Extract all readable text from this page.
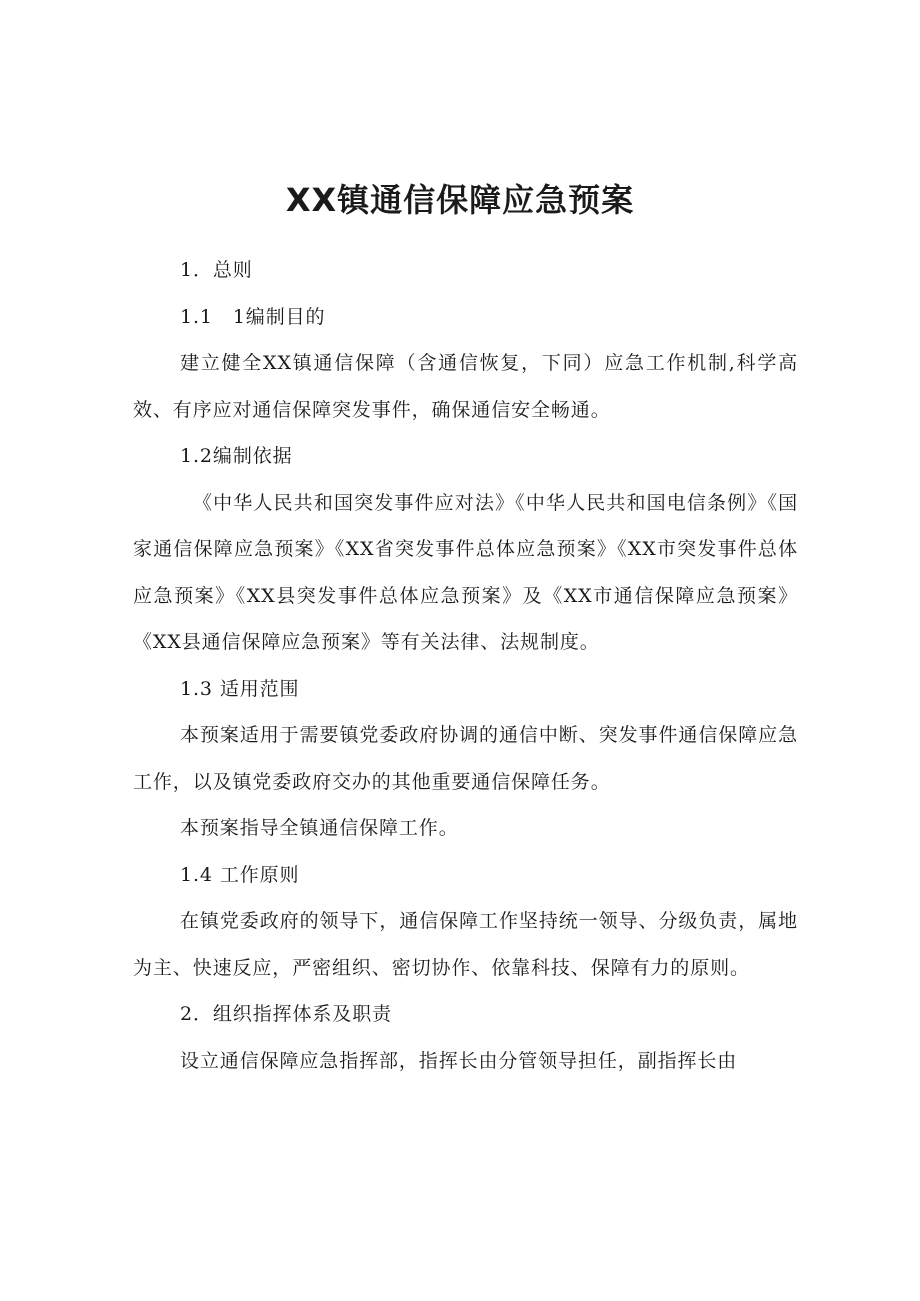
XX镇通信保障应急预案

1．总则

1.1　1编制目的

建立健全XX镇通信保障（含通信恢复，下同）应急工作机制,科学高效、有序应对通信保障突发事件，确保通信安全畅通。

1.2编制依据

《中华人民共和国突发事件应对法》《中华人民共和国电信条例》《国家通信保障应急预案》《XX省突发事件总体应急预案》《XX市突发事件总体应急预案》《XX县突发事件总体应急预案》及《XX市通信保障应急预案》《XX县通信保障应急预案》等有关法律、法规制度。

1.3 适用范围

本预案适用于需要镇党委政府协调的通信中断、突发事件通信保障应急工作，以及镇党委政府交办的其他重要通信保障任务。

本预案指导全镇通信保障工作。

1.4 工作原则

在镇党委政府的领导下，通信保障工作坚持统一领导、分级负责，属地为主、快速反应，严密组织、密切协作、依靠科技、保障有力的原则。

2．组织指挥体系及职责

设立通信保障应急指挥部，指挥长由分管领导担任，副指挥长由
